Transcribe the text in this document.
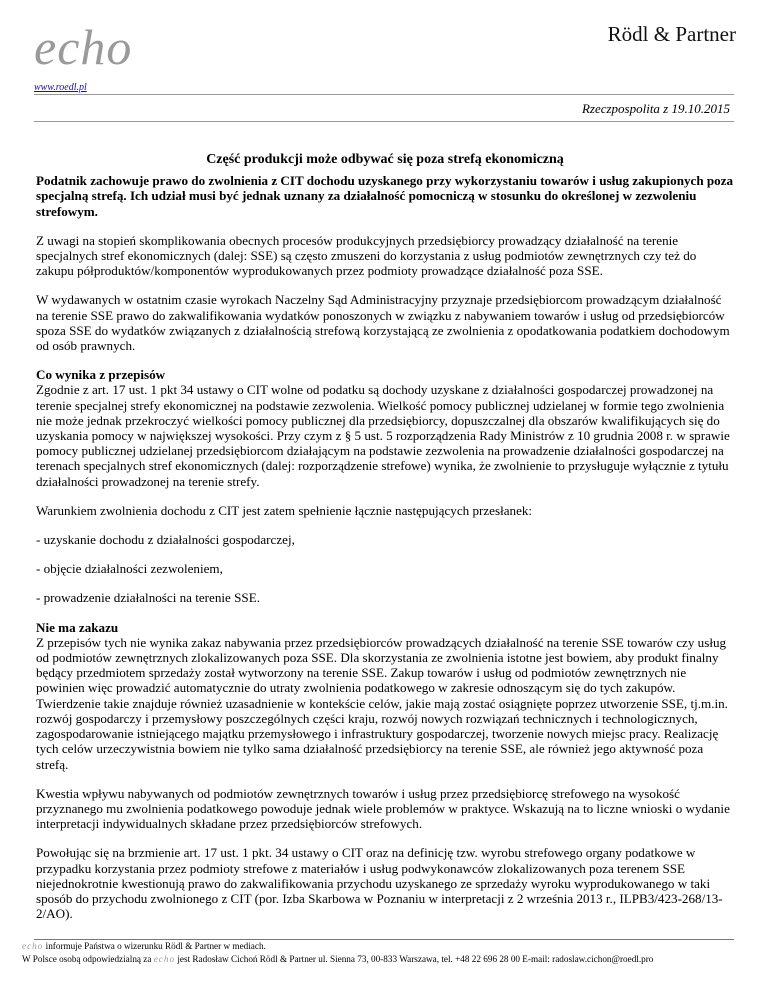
echo	Rödl & Partner
www.roedl.pl
Rzeczpospolita z 19.10.2015
Część produkcji może odbywać się poza strefą ekonomiczną

Podatnik zachowuje prawo do zwolnienia z CIT dochodu uzyskanego przy wykorzystaniu towarów i usług zakupionych poza specjalną strefą. Ich udział musi być jednak uznany za działalność pomocniczą w stosunku do określonej w zezwoleniu strefowym.

Z uwagi na stopień skomplikowania obecnych procesów produkcyjnych przedsiębiorcy prowadzący działalność na terenie specjalnych stref ekonomicznych (dalej: SSE) są często zmuszeni do korzystania z usług podmiotów zewnętrznych czy też do zakupu półproduktów/komponentów wyprodukowanych przez podmioty prowadzące działalność poza SSE.

W wydawanych w ostatnim czasie wyrokach Naczelny Sąd Administracyjny przyznaje przedsiębiorcom prowadzącym działalność na terenie SSE prawo do zakwalifikowania wydatków ponoszonych w związku z nabywaniem towarów i usług od przedsiębiorców spoza SSE do wydatków związanych z działalnością strefową korzystającą ze zwolnienia z opodatkowania podatkiem dochodowym od osób prawnych.

Co wynika z przepisów

Zgodnie z art. 17 ust. 1 pkt 34 ustawy o CIT wolne od podatku są dochody uzyskane z działalności gospodarczej prowadzonej na terenie specjalnej strefy ekonomicznej na podstawie zezwolenia. Wielkość pomocy publicznej udzielanej w formie tego zwolnienia nie może jednak przekroczyć wielkości pomocy publicznej dla przedsiębiorcy, dopuszczalnej dla obszarów kwalifikujących się do uzyskania pomocy w największej wysokości. Przy czym z § 5 ust. 5 rozporządzenia Rady Ministrów z 10 grudnia 2008 r. w sprawie pomocy publicznej udzielanej przedsiębiorcom działającym na podstawie zezwolenia na prowadzenie działalności gospodarczej na terenach specjalnych stref ekonomicznych (dalej: rozporządzenie strefowe) wynika, że zwolnienie to przysługuje wyłącznie z tytułu działalności prowadzonej na terenie strefy.

Warunkiem zwolnienia dochodu z CIT jest zatem spełnienie łącznie następujących przesłanek:

- uzyskanie dochodu z działalności gospodarczej,

- objęcie działalności zezwoleniem,

- prowadzenie działalności na terenie SSE.

Nie ma zakazu

Z przepisów tych nie wynika zakaz nabywania przez przedsiębiorców prowadzących działalność na terenie SSE towarów czy usług od podmiotów zewnętrznych zlokalizowanych poza SSE. Dla skorzystania ze zwolnienia istotne jest bowiem, aby produkt finalny będący przedmiotem sprzedaży został wytworzony na terenie SSE. Zakup towarów i usług od podmiotów zewnętrznych nie powinien więc prowadzić automatycznie do utraty zwolnienia podatkowego w zakresie odnoszącym się do tych zakupów. Twierdzenie takie znajduje również uzasadnienie w kontekście celów, jakie mają zostać osiągnięte poprzez utworzenie SSE, tj.m.in. rozwój gospodarczy i przemysłowy poszczególnych części kraju, rozwój nowych rozwiązań technicznych i technologicznych, zagospodarowanie istniejącego majątku przemysłowego i infrastruktury gospodarczej, tworzenie nowych miejsc pracy. Realizację tych celów urzeczywistnia bowiem nie tylko sama działalność przedsiębiorcy na terenie SSE, ale również jego aktywność poza strefą.

Kwestia wpływu nabywanych od podmiotów zewnętrznych towarów i usług przez przedsiębiorcę strefowego na wysokość przyznanego mu zwolnienia podatkowego powoduje jednak wiele problemów w praktyce. Wskazują na to liczne wnioski o wydanie interpretacji indywidualnych składane przez przedsiębiorców strefowych.

Powołując się na brzmienie art. 17 ust. 1 pkt. 34 ustawy o CIT oraz na definicję tzw. wyrobu strefowego organy podatkowe w przypadku korzystania przez podmioty strefowe z materiałów i usług podwykonawców zlokalizowanych poza terenem SSE niejednokrotnie kwestionują prawo do zakwalifikowania przychodu uzyskanego ze sprzedaży wyroku wyprodukowanego w taki sposób do przychodu zwolnionego z CIT (por. Izba Skarbowa w Poznaniu w interpretacji z 2 września 2013 r., ILPB3/423-268/13-2/AO).

echo informuje Państwa o wizerunku Rödl & Partner w mediach.
W Polsce osobą odpowiedzialną za echo jest Radosław Cichoń Rödl & Partner ul. Sienna 73, 00-833 Warszawa, tel. +48 22 696 28 00 E-mail: radoslaw.cichon@roedl.pro
